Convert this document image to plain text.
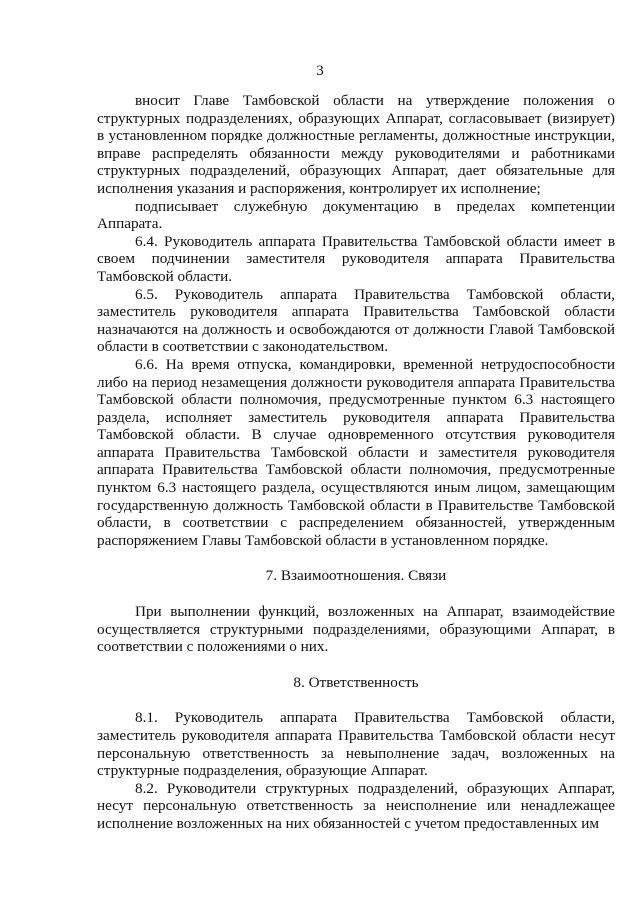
3

вносит Главе Тамбовской области на утверждение положения о структурных подразделениях, образующих Аппарат, согласовывает (визирует) в установленном порядке должностные регламенты, должностные инструкции, вправе распределять обязанности между руководителями и работниками структурных подразделений, образующих Аппарат, дает обязательные для исполнения указания и распоряжения, контролирует их исполнение;

подписывает служебную документацию в пределах компетенции Аппарата.

6.4. Руководитель аппарата Правительства Тамбовской области имеет в своем подчинении заместителя руководителя аппарата Правительства Тамбовской области.

6.5. Руководитель аппарата Правительства Тамбовской области, заместитель руководителя аппарата Правительства Тамбовской области назначаются на должность и освобождаются от должности Главой Тамбовской области в соответствии с законодательством.

6.6. На время отпуска, командировки, временной нетрудоспособности либо на период незамещения должности руководителя аппарата Правительства Тамбовской области полномочия, предусмотренные пунктом 6.3 настоящего раздела, исполняет заместитель руководителя аппарата Правительства Тамбовской области. В случае одновременного отсутствия руководителя аппарата Правительства Тамбовской области и заместителя руководителя аппарата Правительства Тамбовской области полномочия, предусмотренные пунктом 6.3 настоящего раздела, осуществляются иным лицом, замещающим государственную должность Тамбовской области в Правительстве Тамбовской области, в соответствии с распределением обязанностей, утвержденным распоряжением Главы Тамбовской области в установленном порядке.

7. Взаимоотношения. Связи

При выполнении функций, возложенных на Аппарат, взаимодействие осуществляется структурными подразделениями, образующими Аппарат, в соответствии с положениями о них.

8. Ответственность

8.1. Руководитель аппарата Правительства Тамбовской области, заместитель руководителя аппарата Правительства Тамбовской области несут персональную ответственность за невыполнение задач, возложенных на структурные подразделения, образующие Аппарат.

8.2. Руководители структурных подразделений, образующих Аппарат, несут персональную ответственность за неисполнение или ненадлежащее исполнение возложенных на них обязанностей с учетом предоставленных им
